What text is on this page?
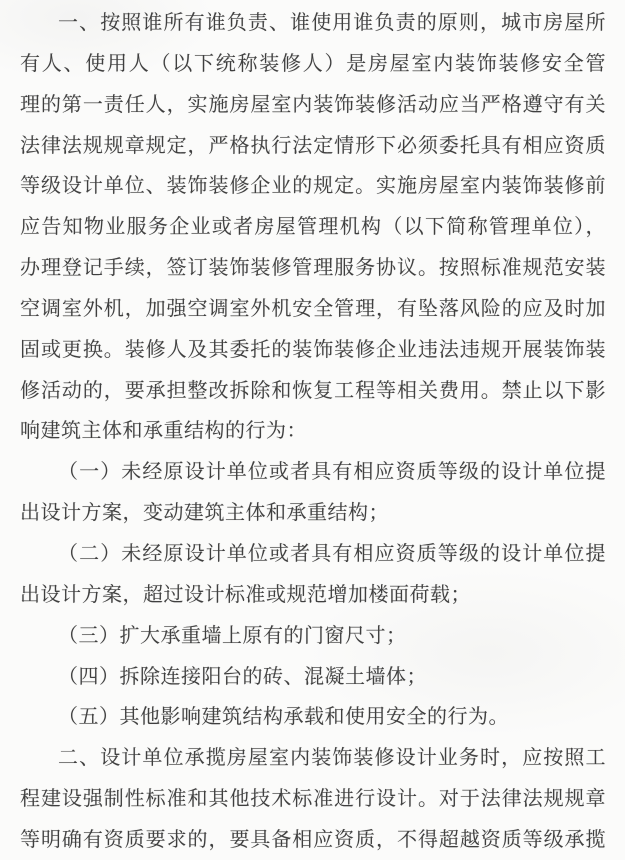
一、按照谁所有谁负责、谁使用谁负责的原则，城市房屋所
有人、使用人（以下统称装修人）是房屋室内装饰装修安全管
理的第一责任人，实施房屋室内装饰装修活动应当严格遵守有关
法律法规规章规定，严格执行法定情形下必须委托具有相应资质
等级设计单位、装饰装修企业的规定。实施房屋室内装饰装修前
应告知物业服务企业或者房屋管理机构（以下简称管理单位），
办理登记手续，签订装饰装修管理服务协议。按照标准规范安装
空调室外机，加强空调室外机安全管理，有坠落风险的应及时加
固或更换。装修人及其委托的装饰装修企业违法违规开展装饰装
修活动的，要承担整改拆除和恢复工程等相关费用。禁止以下影
响建筑主体和承重结构的行为：
（一）未经原设计单位或者具有相应资质等级的设计单位提
出设计方案，变动建筑主体和承重结构；
（二）未经原设计单位或者具有相应资质等级的设计单位提
出设计方案，超过设计标准或规范增加楼面荷载；
（三）扩大承重墙上原有的门窗尺寸；
（四）拆除连接阳台的砖、混凝土墙体；
（五）其他影响建筑结构承载和使用安全的行为。
二、设计单位承揽房屋室内装饰装修设计业务时，应按照工
程建设强制性标准和其他技术标准进行设计。对于法律法规规章
等明确有资质要求的，要具备相应资质，不得超越资质等级承揽
